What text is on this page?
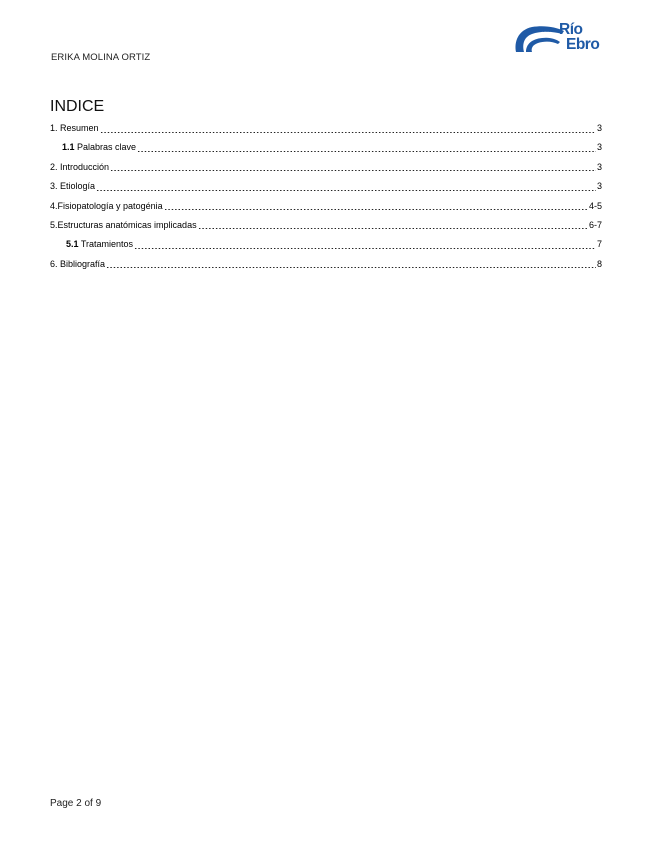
ERIKA MOLINA ORTIZ
C.I.F.P Río
Ebro
INDICE
1. Resumen	3
1.1 Palabras clave	3
2. Introducción	3
3. Etiología	3
4.Fisiopatología y patogénia	4-5
5.Estructuras anatómicas implicadas	6-7
5.1 Tratamientos	7
6. Bibliografía	8
Page 2 of 9
